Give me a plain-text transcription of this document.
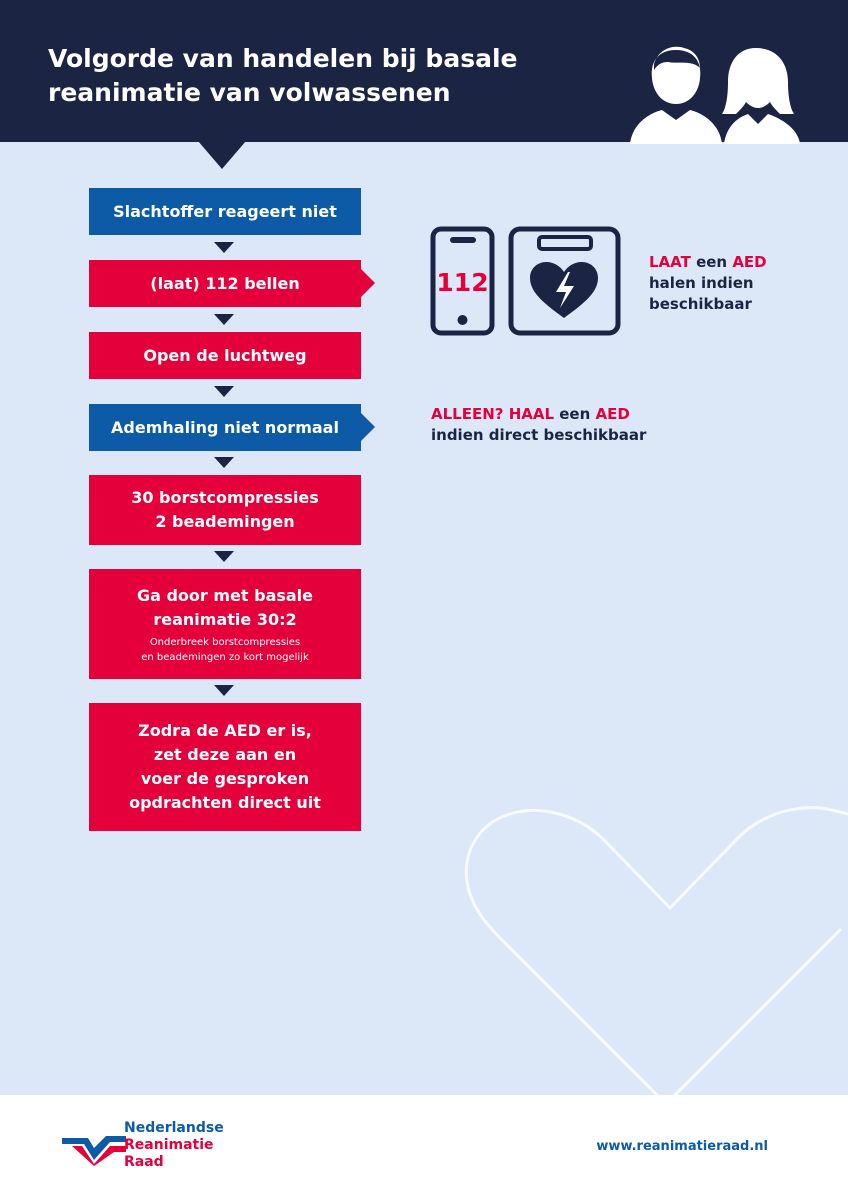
Volgorde van handelen bij basale
reanimatie van volwassenen
Slachtoffer reageert niet
(laat) 112 bellen
Open de luchtweg
Ademhaling niet normaal
30 borstcompressies
2 beademingen
Ga door met basale
reanimatie 30:2
Onderbreek borstcompressies
en beademingen zo kort mogelijk
Zodra de AED er is,
zet deze aan en
voer de gesproken
opdrachten direct uit
112
LAAT een AED
halen indien
beschikbaar
ALLEEN? HAAL een AED
indien direct beschikbaar
Nederlandse
Reanimatie
Raad
www.reanimatieraad.nl
